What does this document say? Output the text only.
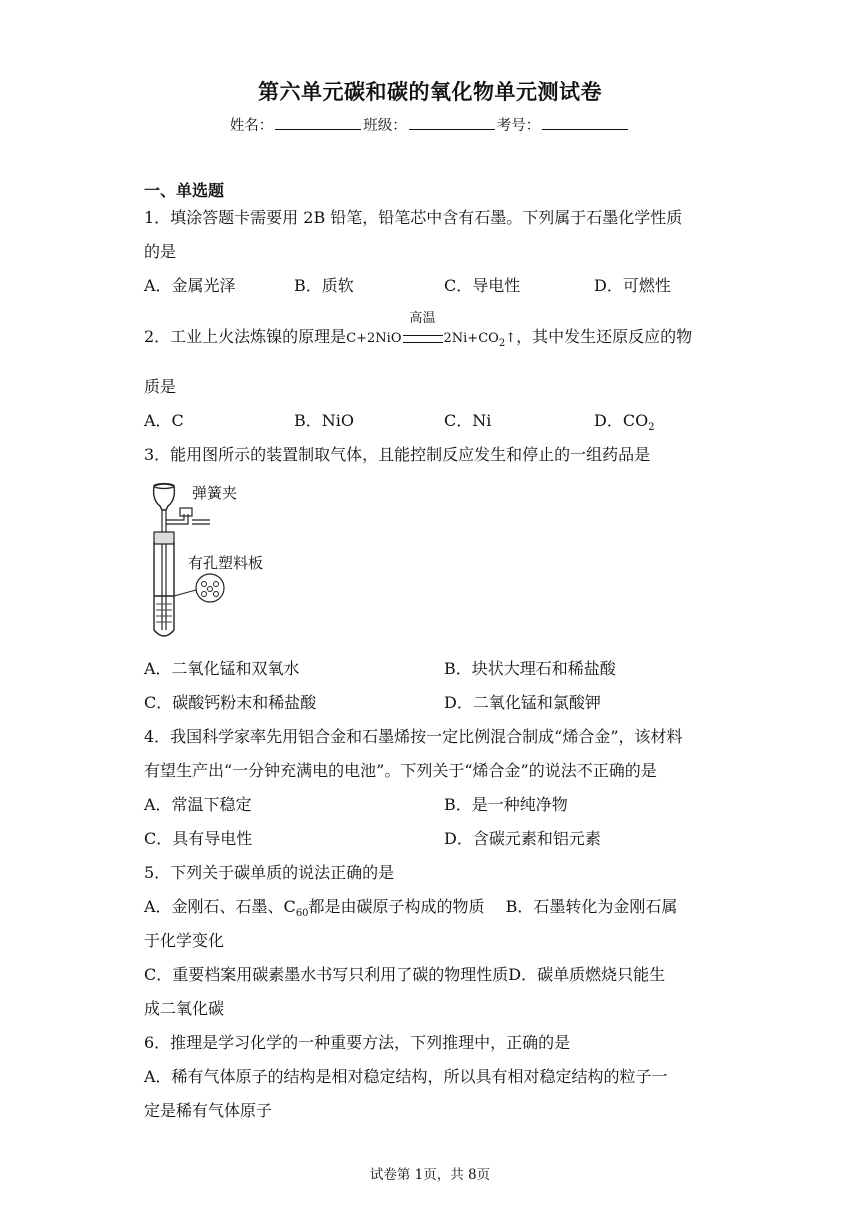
第六单元碳和碳的氧化物单元测试卷
姓名：	班级：	考号：
一、单选题
1．填涂答题卡需要用 2B 铅笔，铅笔芯中含有石墨。下列属于石墨化学性质
的是
A．金属光泽	B．质软	C．导电性	D．可燃性
2．工业上火法炼镍的原理是C+2NiO
高温
$2Ni+CO_2↑$，其中发生还原反应的物
质是
A．C	B．NiO	C．Ni	D．$CO_2$
3．能用图所示的装置制取气体，且能控制反应发生和停止的一组药品是
弹簧夹
有孔塑料板
A．二氧化锰和双氧水	B．块状大理石和稀盐酸
C．碳酸钙粉末和稀盐酸	D．二氧化锰和氯酸钾
4．我国科学家率先用铝合金和石墨烯按一定比例混合制成“烯合金”，该材料
有望生产出“一分钟充满电的电池”。下列关于“烯合金”的说法不正确的是
A．常温下稳定	B．是一种纯净物
C．具有导电性	D．含碳元素和铝元素
5．下列关于碳单质的说法正确的是
A．金刚石、石墨、$C_{60}$都是由碳原子构成的物质　 B．石墨转化为金刚石属
于化学变化
C．重要档案用碳素墨水书写只利用了碳的物理性质D．碳单质燃烧只能生
成二氧化碳
6．推理是学习化学的一种重要方法，下列推理中，正确的是
A．稀有气体原子的结构是相对稳定结构，所以具有相对稳定结构的粒子一
定是稀有气体原子
试卷第 1页，共 8页
